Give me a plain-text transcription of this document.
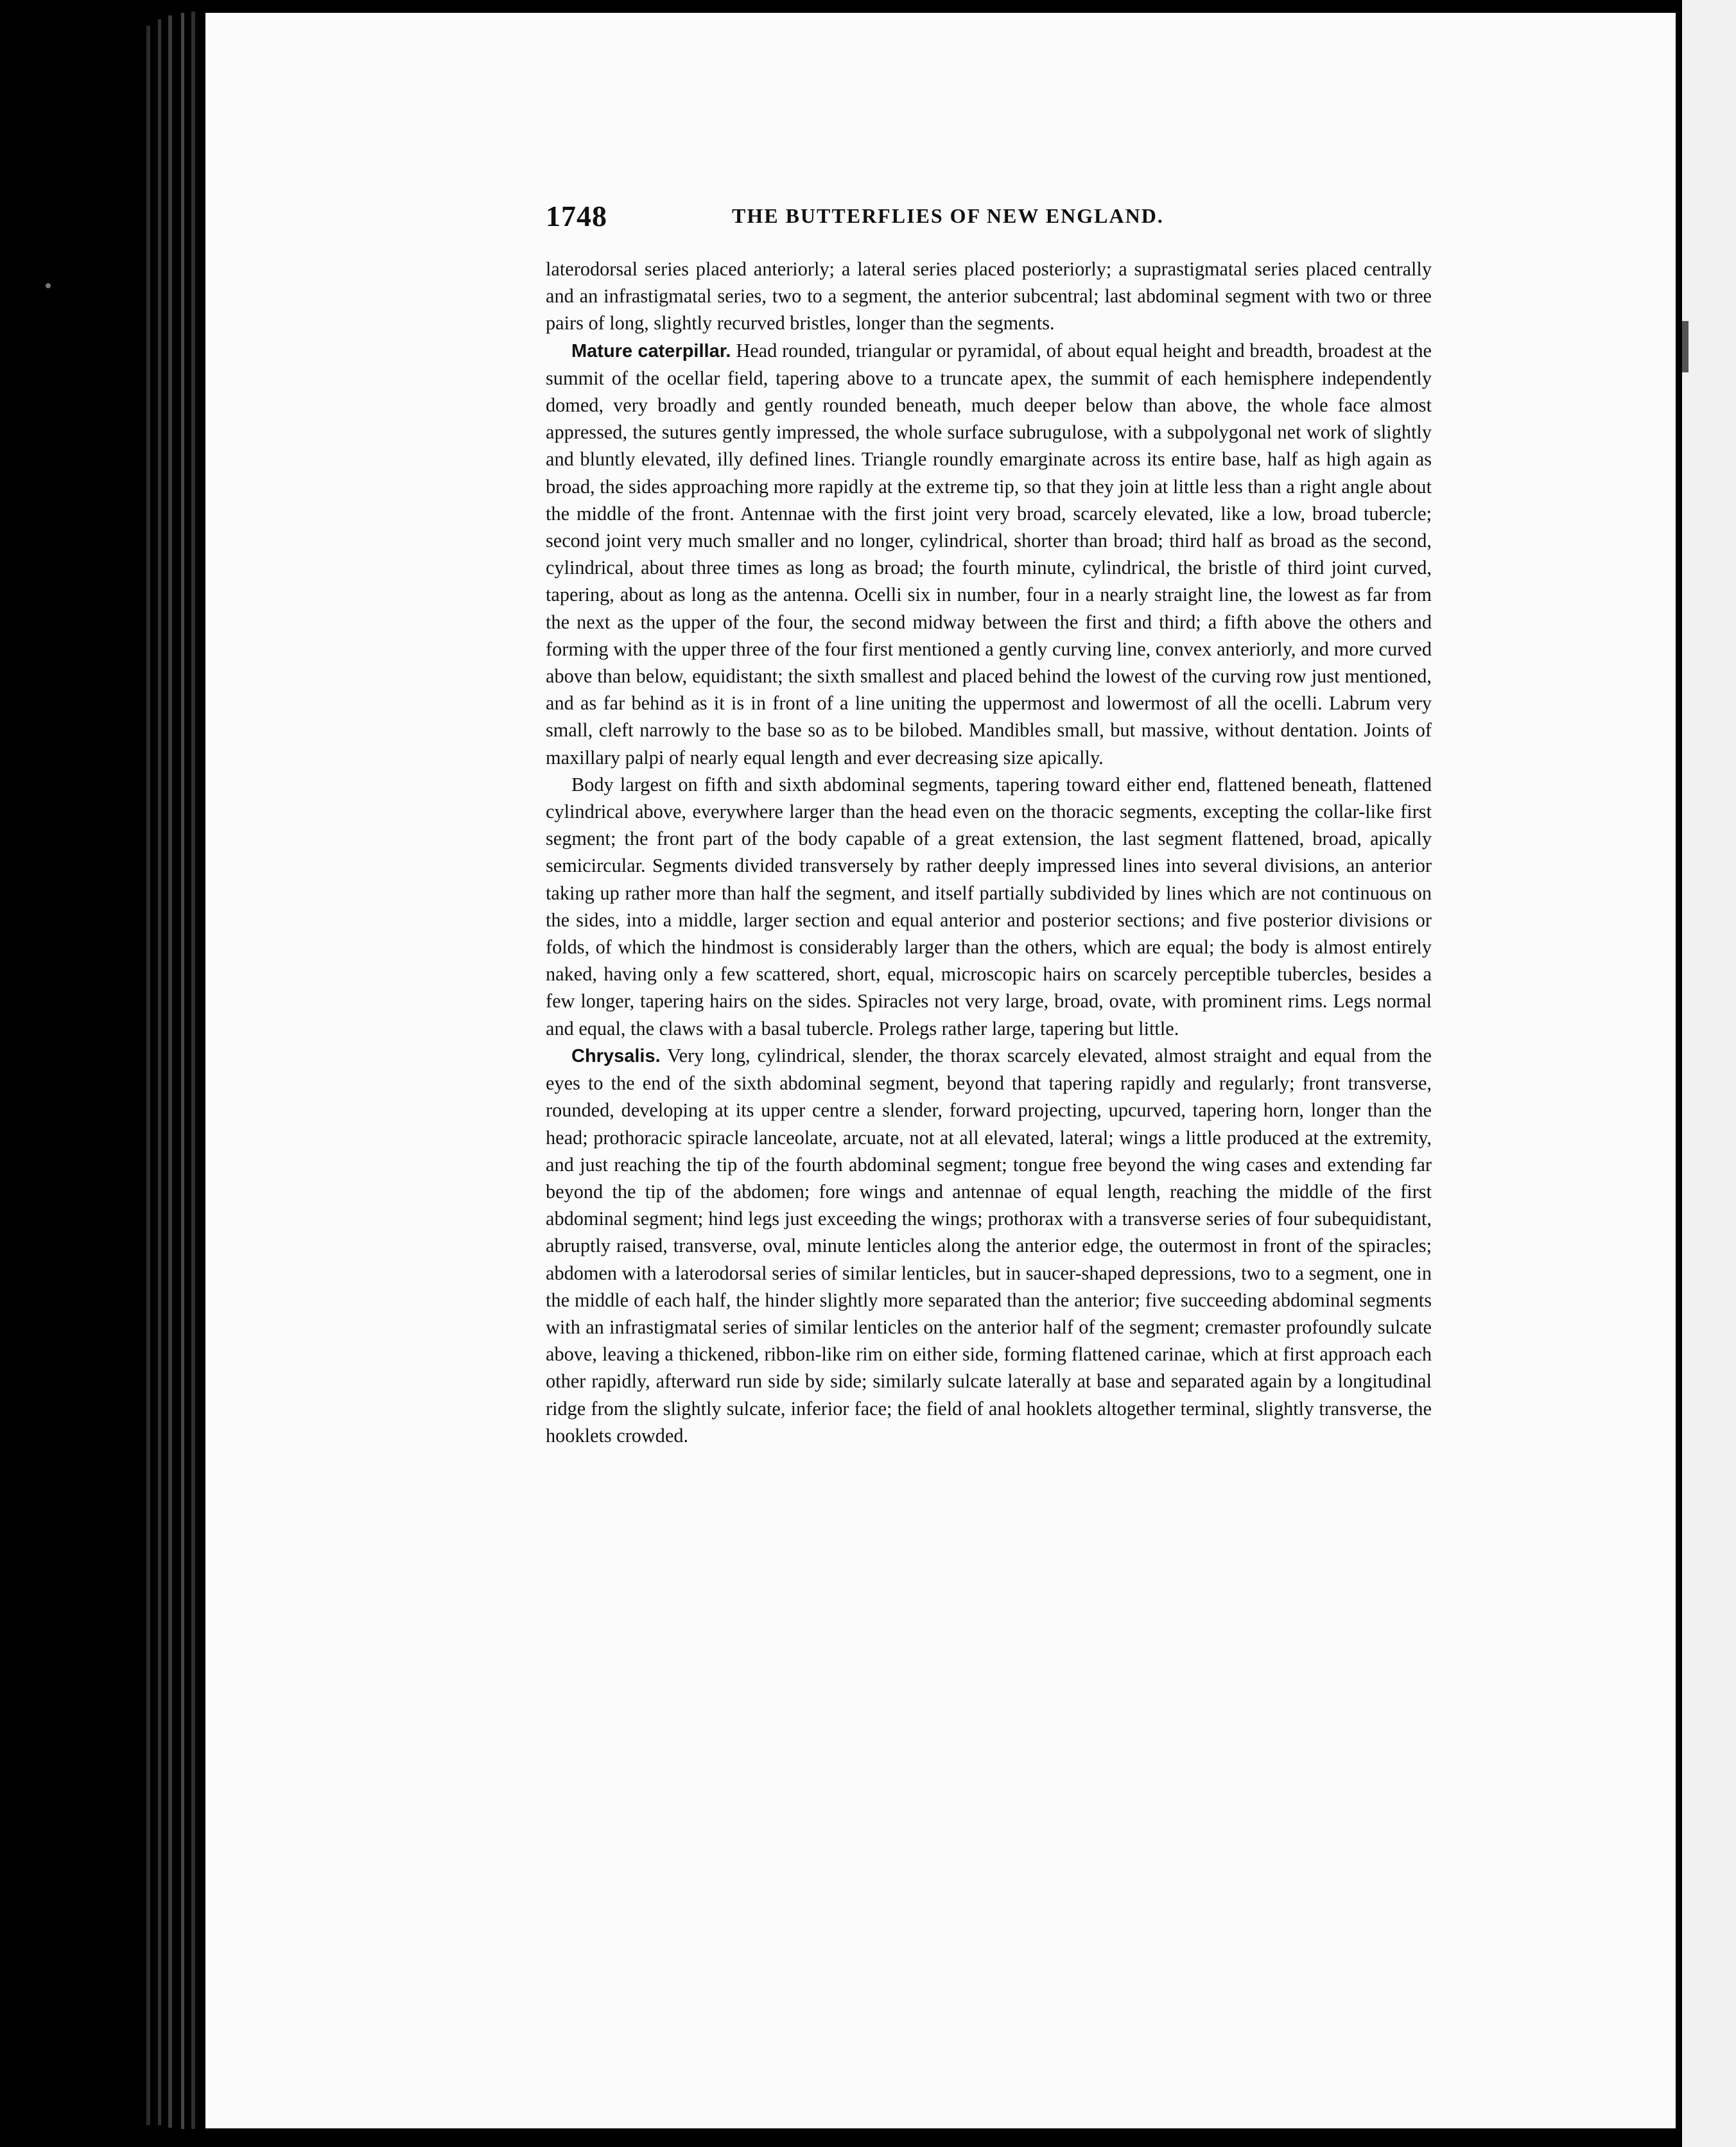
1748	THE BUTTERFLIES OF NEW ENGLAND.

laterodorsal series placed anteriorly; a lateral series placed posteriorly; a suprastigmatal series placed centrally and an infrastigmatal series, two to a segment, the anterior subcentral; last abdominal segment with two or three pairs of long, slightly recurved bristles, longer than the segments.

Mature caterpillar. Head rounded, triangular or pyramidal, of about equal height and breadth, broadest at the summit of the ocellar field, tapering above to a truncate apex, the summit of each hemisphere independently domed, very broadly and gently rounded beneath, much deeper below than above, the whole face almost appressed, the sutures gently impressed, the whole surface subrugulose, with a subpolygonal net work of slightly and bluntly elevated, illy defined lines. Triangle roundly emarginate across its entire base, half as high again as broad, the sides approaching more rapidly at the extreme tip, so that they join at little less than a right angle about the middle of the front. Antennae with the first joint very broad, scarcely elevated, like a low, broad tubercle; second joint very much smaller and no longer, cylindrical, shorter than broad; third half as broad as the second, cylindrical, about three times as long as broad; the fourth minute, cylindrical, the bristle of third joint curved, tapering, about as long as the antenna. Ocelli six in number, four in a nearly straight line, the lowest as far from the next as the upper of the four, the second midway between the first and third; a fifth above the others and forming with the upper three of the four first mentioned a gently curving line, convex anteriorly, and more curved above than below, equidistant; the sixth smallest and placed behind the lowest of the curving row just mentioned, and as far behind as it is in front of a line uniting the uppermost and lowermost of all the ocelli. Labrum very small, cleft narrowly to the base so as to be bilobed. Mandibles small, but massive, without dentation. Joints of maxillary palpi of nearly equal length and ever decreasing size apically.

Body largest on fifth and sixth abdominal segments, tapering toward either end, flattened beneath, flattened cylindrical above, everywhere larger than the head even on the thoracic segments, excepting the collar-like first segment; the front part of the body capable of a great extension, the last segment flattened, broad, apically semicircular. Segments divided transversely by rather deeply impressed lines into several divisions, an anterior taking up rather more than half the segment, and itself partially subdivided by lines which are not continuous on the sides, into a middle, larger section and equal anterior and posterior sections; and five posterior divisions or folds, of which the hindmost is considerably larger than the others, which are equal; the body is almost entirely naked, having only a few scattered, short, equal, microscopic hairs on scarcely perceptible tubercles, besides a few longer, tapering hairs on the sides. Spiracles not very large, broad, ovate, with prominent rims. Legs normal and equal, the claws with a basal tubercle. Prolegs rather large, tapering but little.

Chrysalis. Very long, cylindrical, slender, the thorax scarcely elevated, almost straight and equal from the eyes to the end of the sixth abdominal segment, beyond that tapering rapidly and regularly; front transverse, rounded, developing at its upper centre a slender, forward projecting, upcurved, tapering horn, longer than the head; prothoracic spiracle lanceolate, arcuate, not at all elevated, lateral; wings a little produced at the extremity, and just reaching the tip of the fourth abdominal segment; tongue free beyond the wing cases and extending far beyond the tip of the abdomen; fore wings and antennae of equal length, reaching the middle of the first abdominal segment; hind legs just exceeding the wings; prothorax with a transverse series of four subequidistant, abruptly raised, transverse, oval, minute lenticles along the anterior edge, the outermost in front of the spiracles; abdomen with a laterodorsal series of similar lenticles, but in saucer-shaped depressions, two to a segment, one in the middle of each half, the hinder slightly more separated than the anterior; five succeeding abdominal segments with an infrastigmatal series of similar lenticles on the anterior half of the segment; cremaster profoundly sulcate above, leaving a thickened, ribbon-like rim on either side, forming flattened carinae, which at first approach each other rapidly, afterward run side by side; similarly sulcate laterally at base and separated again by a longitudinal ridge from the slightly sulcate, inferior face; the field of anal hooklets altogether terminal, slightly transverse, the hooklets crowded.
